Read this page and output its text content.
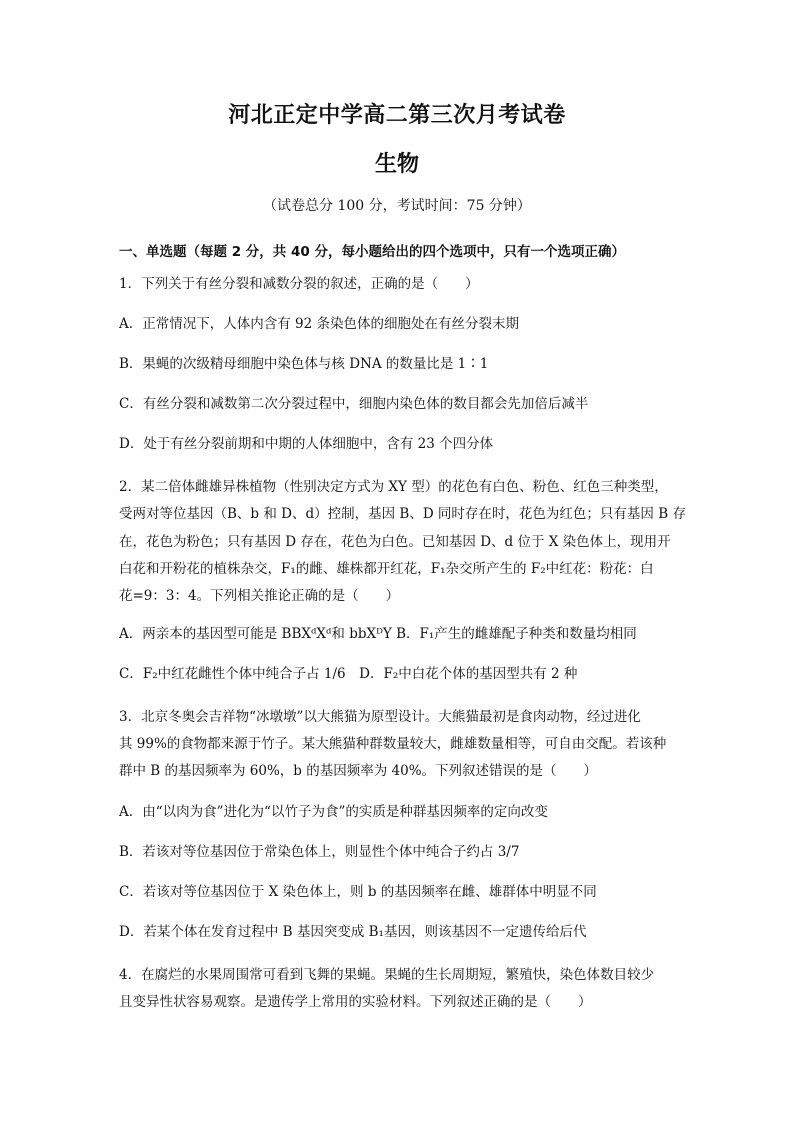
河北正定中学高二第三次月考试卷
生物
（试卷总分 100 分，考试时间：75 分钟）
一、单选题（每题 2 分，共 40 分，每小题给出的四个选项中，只有一个选项正确）
1．下列关于有丝分裂和减数分裂的叙述，正确的是（　　）
A．正常情况下，人体内含有 92 条染色体的细胞处在有丝分裂末期
B．果蝇的次级精母细胞中染色体与核 DNA 的数量比是 1∶1
C．有丝分裂和减数第二次分裂过程中，细胞内染色体的数目都会先加倍后减半
D．处于有丝分裂前期和中期的人体细胞中，含有 23 个四分体
2．某二倍体雌雄异株植物（性别决定方式为 XY 型）的花色有白色、粉色、红色三种类型，
受两对等位基因（B、b 和 D、d）控制，基因 B、D 同时存在时，花色为红色；只有基因 B 存
在，花色为粉色；只有基因 D 存在，花色为白色。已知基因 D、d 位于 X 染色体上，现用开
白花和开粉花的植株杂交，F₁的雌、雄株都开红花，F₁杂交所产生的 F₂中红花：粉花：白
花=9：3：4。下列相关推论正确的是（　　）
A．两亲本的基因型可能是 BBXᵈXᵈ和 bbXᴰY B．F₁产生的雌雄配子种类和数量均相同
C．F₂中红花雌性个体中纯合子占 1/6　D．F₂中白花个体的基因型共有 2 种
3．北京冬奥会吉祥物“冰墩墩”以大熊猫为原型设计。大熊猫最初是食肉动物，经过进化
其 99%的食物都来源于竹子。某大熊猫种群数量较大，雌雄数量相等，可自由交配。若该种
群中 B 的基因频率为 60%，b 的基因频率为 40%。下列叙述错误的是（　　）
A．由“以肉为食”进化为“以竹子为食”的实质是种群基因频率的定向改变
B．若该对等位基因位于常染色体上，则显性个体中纯合子约占 3/7
C．若该对等位基因位于 X 染色体上，则 b 的基因频率在雌、雄群体中明显不同
D．若某个体在发育过程中 B 基因突变成 B₁基因，则该基因不一定遗传给后代
4．在腐烂的水果周围常可看到飞舞的果蝇。果蝇的生长周期短，繁殖快，染色体数目较少
且变异性状容易观察。是遗传学上常用的实验材料。下列叙述正确的是（　　）
